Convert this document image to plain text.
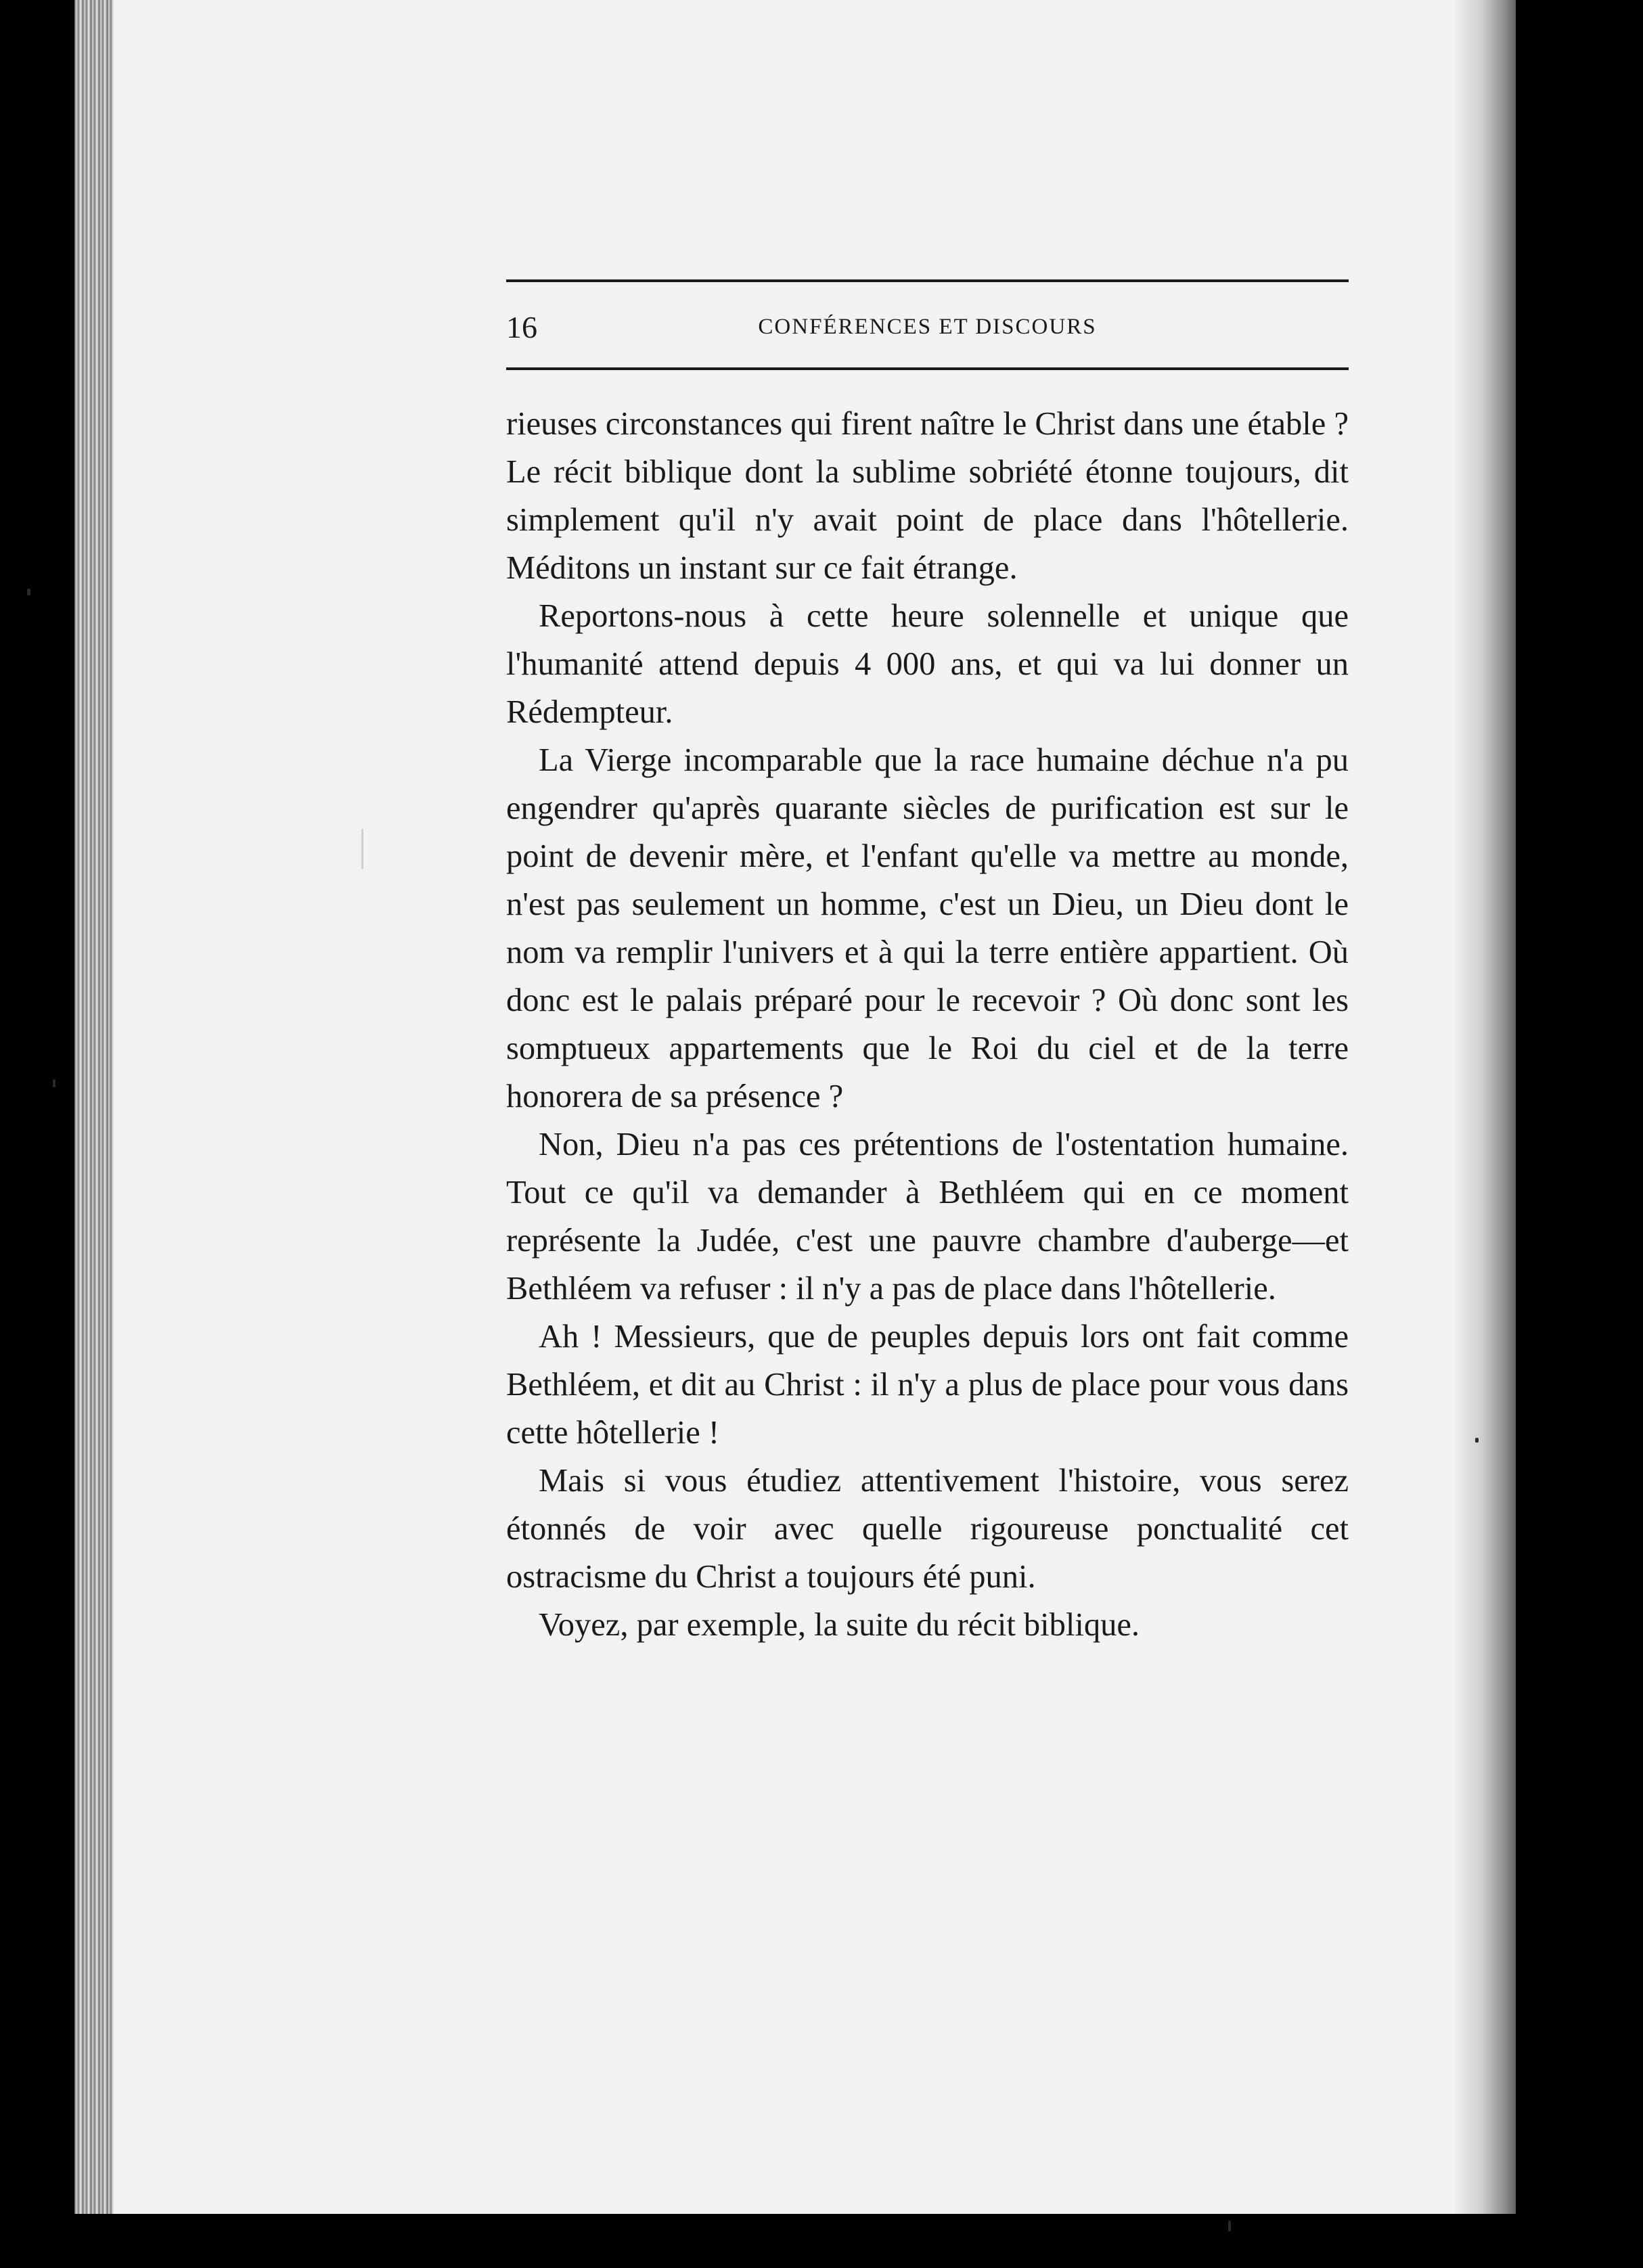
16	CONFÉRENCES ET DISCOURS

rieuses circonstances qui firent naître le Christ dans une étable ? Le récit biblique dont la sublime sobriété étonne toujours, dit simplement qu'il n'y avait point de place dans l'hôtellerie. Méditons un instant sur ce fait étrange.

Reportons-nous à cette heure solennelle et unique que l'humanité attend depuis 4 000 ans, et qui va lui donner un Rédempteur.

La Vierge incomparable que la race humaine déchue n'a pu engendrer qu'après quarante siècles de purification est sur le point de devenir mère, et l'enfant qu'elle va mettre au monde, n'est pas seulement un homme, c'est un Dieu, un Dieu dont le nom va remplir l'univers et à qui la terre entière appartient. Où donc est le palais préparé pour le recevoir ? Où donc sont les somptueux appartements que le Roi du ciel et de la terre honorera de sa présence ?

Non, Dieu n'a pas ces prétentions de l'ostentation humaine. Tout ce qu'il va demander à Bethléem qui en ce moment représente la Judée, c'est une pauvre chambre d'auberge—et Bethléem va refuser : il n'y a pas de place dans l'hôtellerie.

Ah ! Messieurs, que de peuples depuis lors ont fait comme Bethléem, et dit au Christ : il n'y a plus de place pour vous dans cette hôtellerie !

Mais si vous étudiez attentivement l'histoire, vous serez étonnés de voir avec quelle rigoureuse ponctualité cet ostracisme du Christ a toujours été puni.

Voyez, par exemple, la suite du récit biblique.
